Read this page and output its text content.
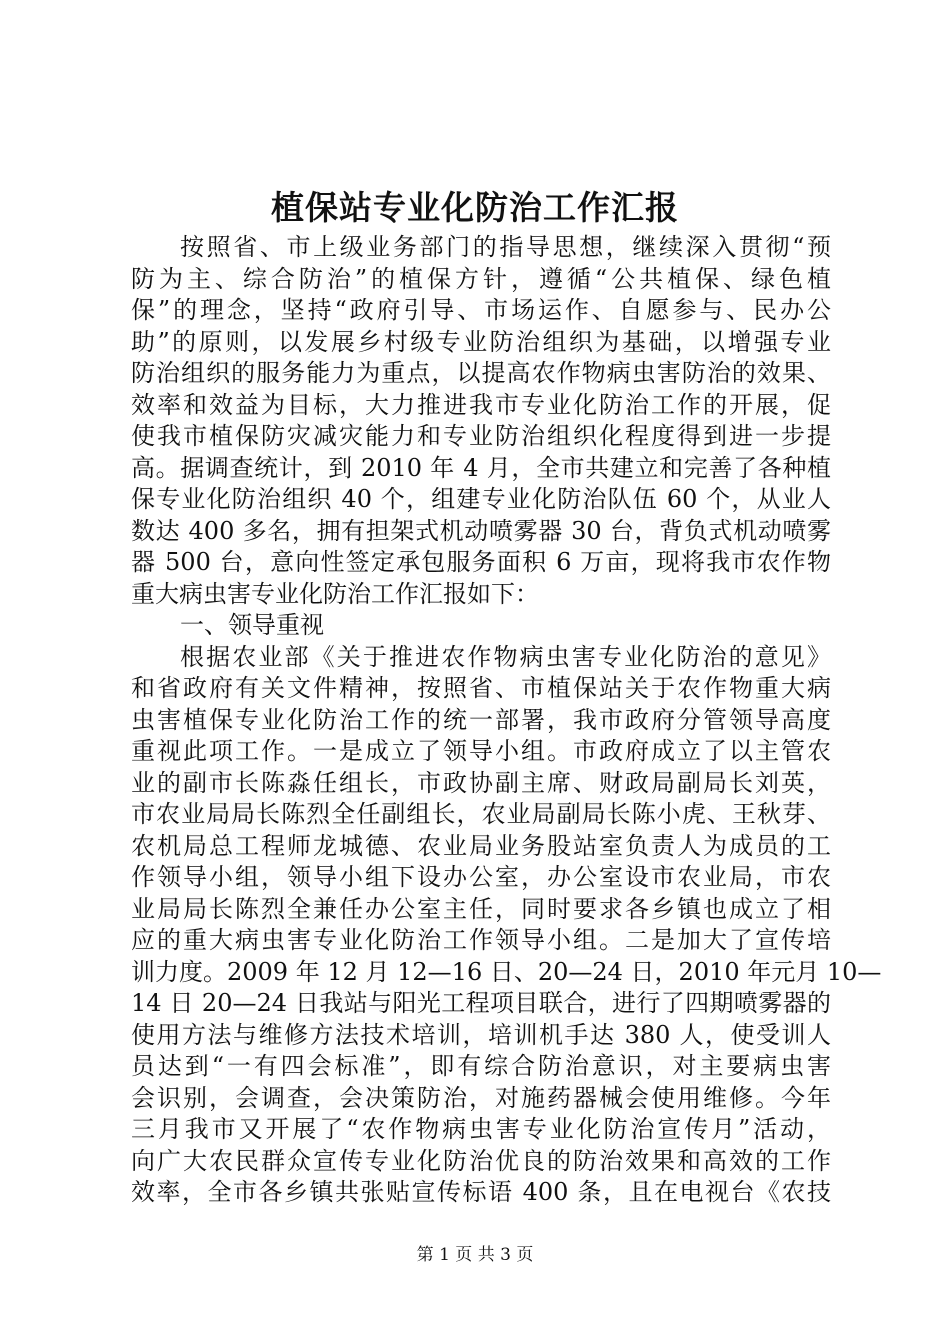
植保站专业化防治工作汇报
按照省、市上级业务部门的指导思想，继续深入贯彻“预
防为主、综合防治”的植保方针，遵循“公共植保、绿色植
保”的理念，坚持“政府引导、市场运作、自愿参与、民办公
助”的原则，以发展乡村级专业防治组织为基础，以增强专业
防治组织的服务能力为重点，以提高农作物病虫害防治的效果、
效率和效益为目标，大力推进我市专业化防治工作的开展，促
使我市植保防灾减灾能力和专业防治组织化程度得到进一步提
高。据调查统计，到 2010 年 4 月，全市共建立和完善了各种植
保专业化防治组织 40 个，组建专业化防治队伍 60 个，从业人
数达 400 多名，拥有担架式机动喷雾器 30 台，背负式机动喷雾
器 500 台，意向性签定承包服务面积 6 万亩，现将我市农作物
重大病虫害专业化防治工作汇报如下：
一、领导重视
根据农业部《关于推进农作物病虫害专业化防治的意见》
和省政府有关文件精神，按照省、市植保站关于农作物重大病
虫害植保专业化防治工作的统一部署，我市政府分管领导高度
重视此项工作。一是成立了领导小组。市政府成立了以主管农
业的副市长陈淼任组长，市政协副主席、财政局副局长刘英，
市农业局局长陈烈全任副组长，农业局副局长陈小虎、王秋芽、
农机局总工程师龙城德、农业局业务股站室负责人为成员的工
作领导小组，领导小组下设办公室，办公室设市农业局，市农
业局局长陈烈全兼任办公室主任，同时要求各乡镇也成立了相
应的重大病虫害专业化防治工作领导小组。二是加大了宣传培
训力度。2009 年 12 月 12—16 日、20—24 日，2010 年元月 10—
14 日 20—24 日我站与阳光工程项目联合，进行了四期喷雾器的
使用方法与维修方法技术培训，培训机手达 380 人，使受训人
员达到“一有四会标准”，即有综合防治意识，对主要病虫害
会识别，会调查，会决策防治，对施药器械会使用维修。今年
三月我市又开展了“农作物病虫害专业化防治宣传月”活动，
向广大农民群众宣传专业化防治优良的防治效果和高效的工作
效率，全市各乡镇共张贴宣传标语 400 条，且在电视台《农技
第 1 页 共 3 页
